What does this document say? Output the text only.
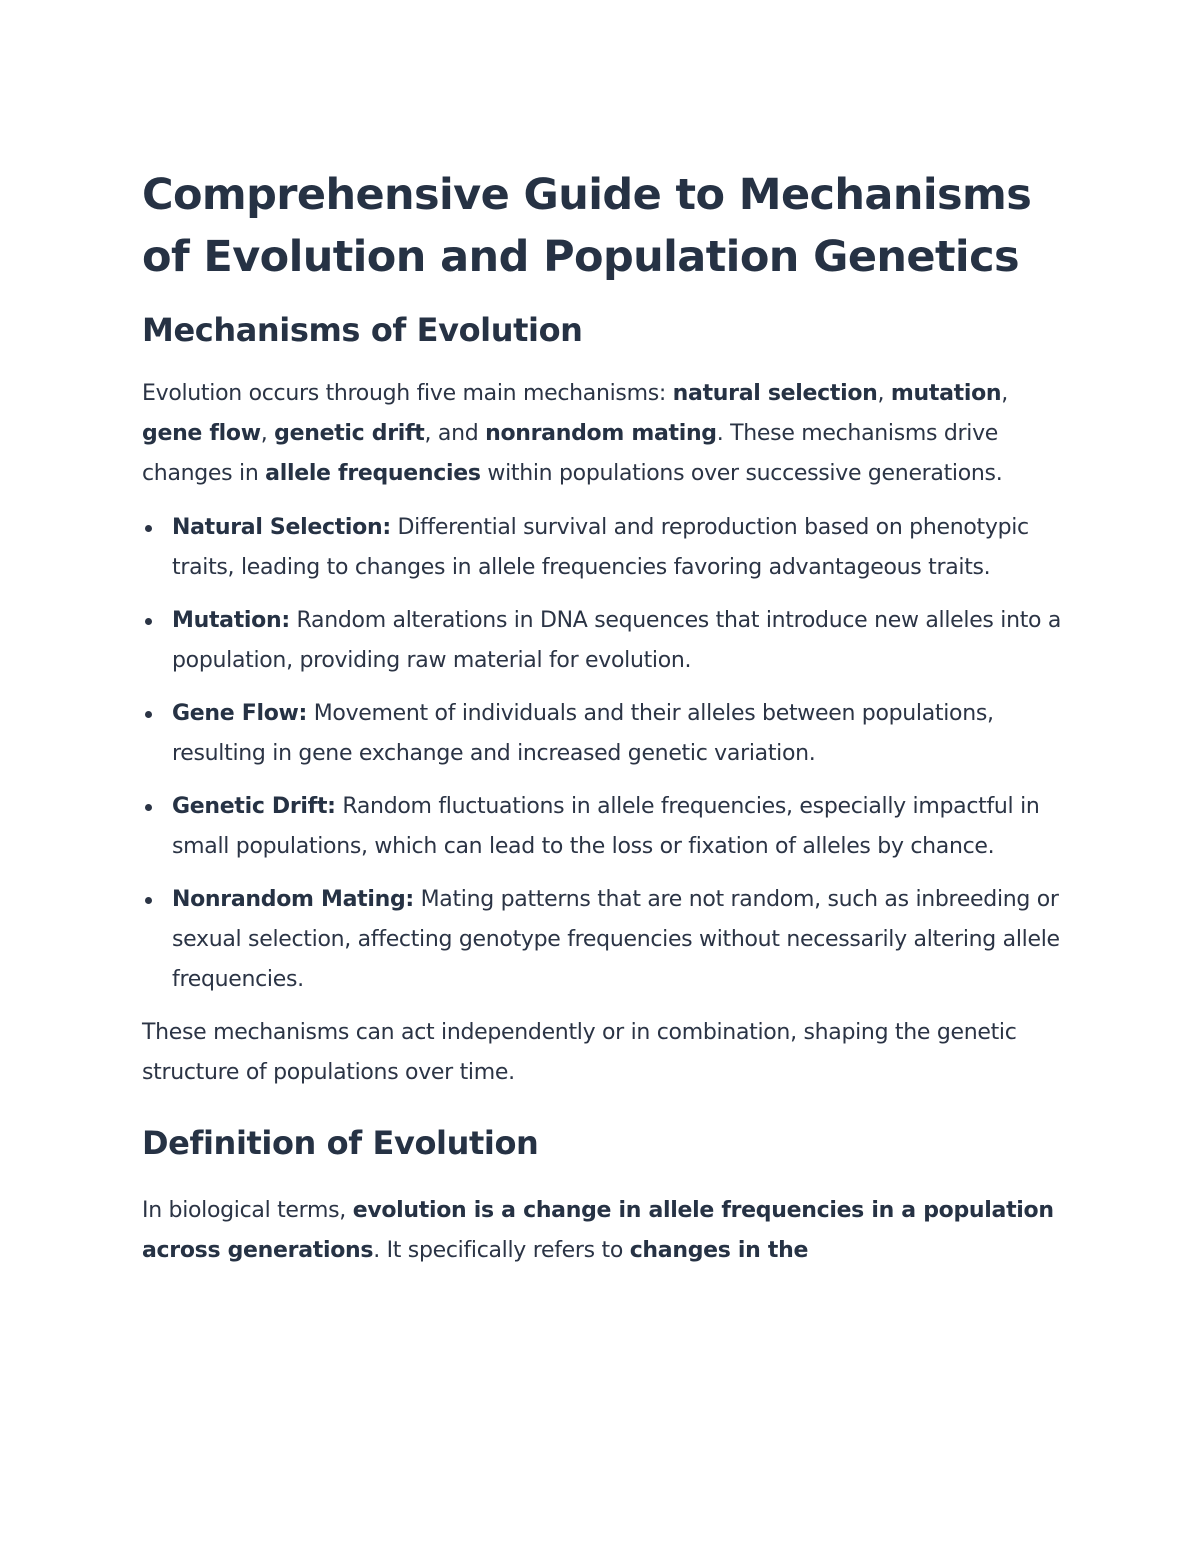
Comprehensive Guide to Mechanisms of Evolution and Population Genetics
Mechanisms of Evolution

Evolution occurs through five main mechanisms: natural selection, mutation, gene flow, genetic drift, and nonrandom mating. These mechanisms drive changes in allele frequencies within populations over successive generations.

Natural Selection: Differential survival and reproduction based on phenotypic traits, leading to changes in allele frequencies favoring advantageous traits.
Mutation: Random alterations in DNA sequences that introduce new alleles into a population, providing raw material for evolution.
Gene Flow: Movement of individuals and their alleles between populations, resulting in gene exchange and increased genetic variation.
Genetic Drift: Random fluctuations in allele frequencies, especially impactful in small populations, which can lead to the loss or fixation of alleles by chance.
Nonrandom Mating: Mating patterns that are not random, such as inbreeding or sexual selection, affecting genotype frequencies without necessarily altering allele frequencies.

These mechanisms can act independently or in combination, shaping the genetic structure of populations over time.

Definition of Evolution

In biological terms, evolution is a change in allele frequencies in a population across generations. It specifically refers to changes in the
